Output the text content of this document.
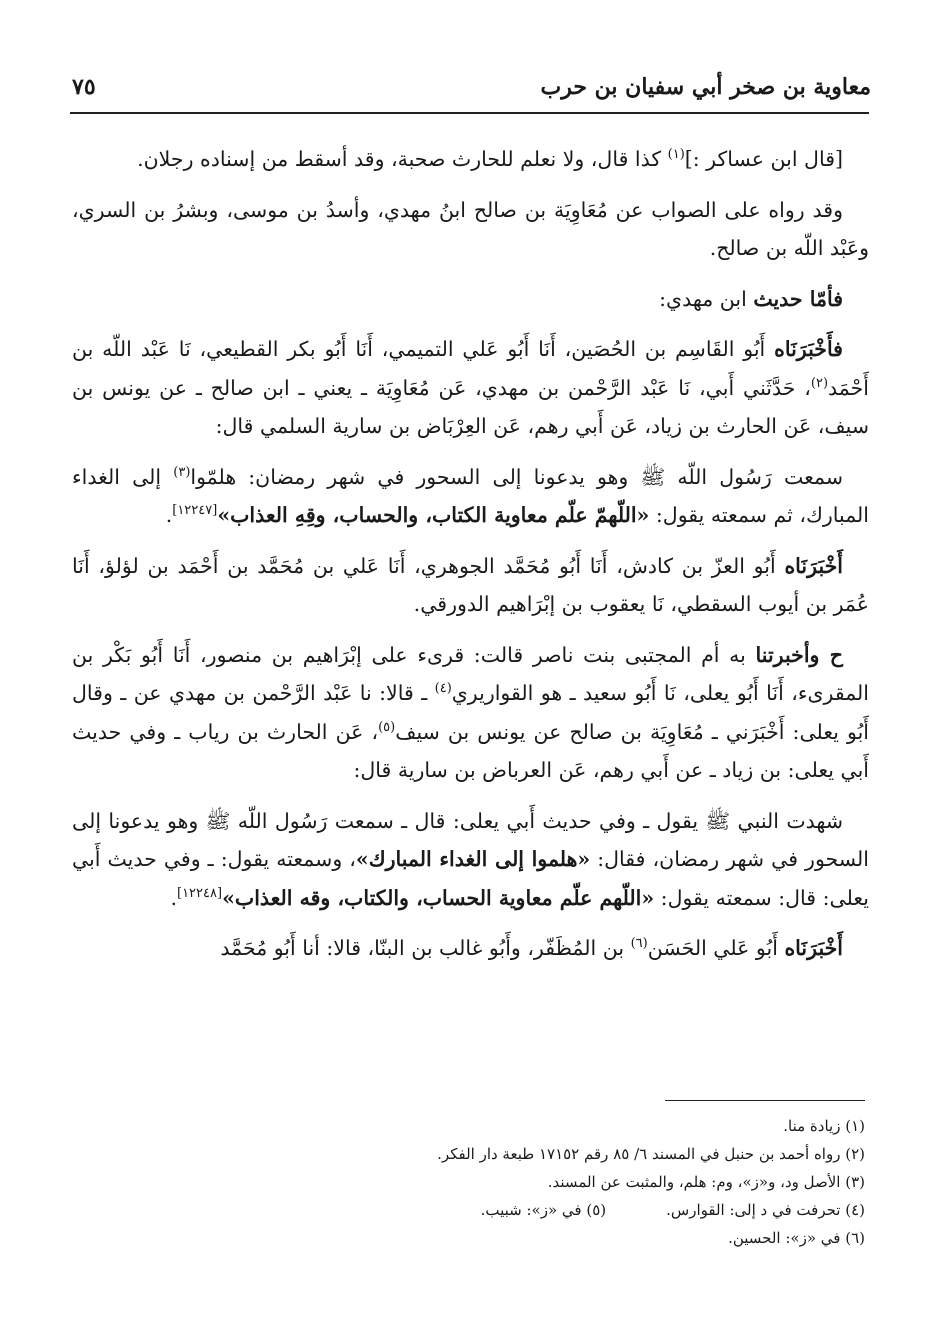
معاوية بن صخر أبي سفيان بن حرب
٧٥

[قال ابن عساكر :]$^{(١)}$ كذا قال، ولا نعلم للحارث صحبة، وقد أسقط من إسناده رجلان.

وقد رواه على الصواب عن مُعَاوِيَة بن صالح ابنُ مهدي، وأسدُ بن موسى، وبشرُ بن السري، وعَبْد اللّه بن صالح.

فأمّا حديث ابن مهدي:

فأَخْبَرَنَاه أَبُو القَاسِم بن الحُصَين، أَنَا أَبُو عَلي التميمي، أَنَا أَبُو بكر القطيعي، نَا عَبْد اللّه بن أَحْمَد$^{(٢)}$، حَدَّثَني أَبي، نَا عَبْد الرَّحْمن بن مهدي، عَن مُعَاوِيَة ـ يعني ـ ابن صالح ـ عن يونس بن سيف، عَن الحارث بن زياد، عَن أَبي رهم، عَن العِرْبَاض بن سارية السلمي قال:

سمعت رَسُول اللّه ﷺ وهو يدعونا إلى السحور في شهر رمضان: هلمّوا$^{(٣)}$ إلى الغداء المبارك، ثم سمعته يقول: «اللّهمّ علّم معاوية الكتاب، والحساب، وقِهِ العذاب»[١٢٢٤٧].

أَخْبَرَنَاه أَبُو العزّ بن كادش، أَنَا أَبُو مُحَمَّد الجوهري، أَنَا عَلي بن مُحَمَّد بن أَحْمَد بن لؤلؤ، أَنَا عُمَر بن أيوب السقطي، نَا يعقوب بن إبْرَاهيم الدورقي.

ح وأخبرتنا به أم المجتبى بنت ناصر قالت: قرىء على إبْرَاهيم بن منصور، أَنَا أَبُو بَكْر بن المقرىء، أَنَا أَبُو يعلى، نَا أَبُو سعيد ـ هو القواريري$^{(٤)}$ ـ قالا: نا عَبْد الرَّحْمن بن مهدي عن ـ وقال أَبُو يعلى: أَخْبَرَني ـ مُعَاوِيَة بن صالح عن يونس بن سيف$^{(٥)}$، عَن الحارث بن رياب ـ وفي حديث أَبي يعلى: بن زياد ـ عن أَبي رهم، عَن العرباض بن سارية قال:

شهدت النبي ﷺ يقول ـ وفي حديث أَبي يعلى: قال ـ سمعت رَسُول اللّه ﷺ وهو يدعونا إلى السحور في شهر رمضان، فقال: «هلموا إلى الغداء المبارك»، وسمعته يقول: ـ وفي حديث أَبي يعلى: قال: سمعته يقول: «اللّهم علّم معاوية الحساب، والكتاب، وقه العذاب»[١٢٢٤٨].

أَخْبَرَنَاه أَبُو عَلي الحَسَن$^{(٦)}$ بن المُظَفّر، وأَبُو غالب بن البنّا، قالا: أنا أَبُو مُحَمَّد

(١) زيادة منا.
(٢) رواه أحمد بن حنبل في المسند ٦/ ٨٥ رقم ١٧١٥٢ طبعة دار الفكر.
(٣) الأصل ود، و«ز»، وم: هلم، والمثبت عن المسند.
(٤) تحرفت في د إلى: القوارس.
(٥) في «ز»: شبيب.
(٦) في «ز»: الحسين.
